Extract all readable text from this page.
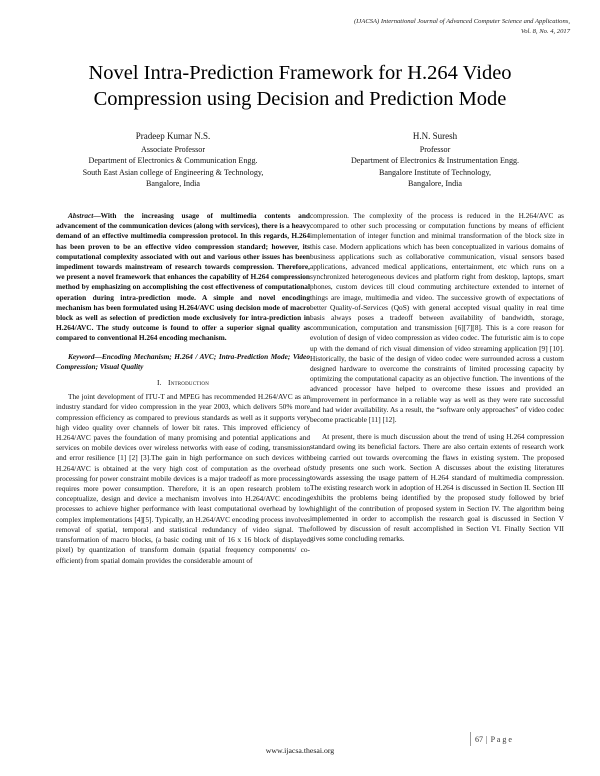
(IJACSA) International Journal of Advanced Computer Science and Applications,
Vol. 8, No. 4, 2017
Novel Intra-Prediction Framework for H.264 Video
Compression using Decision and Prediction Mode
Pradeep Kumar N.S.
Associate Professor
Department of Electronics & Communication Engg.
South East Asian college of Engineering & Technology,
Bangalore, India
H.N. Suresh
Professor
Department of Electronics & Instrumentation Engg.
Bangalore Institute of Technology,
Bangalore, India

Abstract—With the increasing usage of multimedia contents and advancement of the communication devices (along with services), there is a heavy demand of an effective multimedia compression protocol. In this regards, H.264 has been proven to be an effective video compression standard; however, its computational complexity associated with out and various other issues has been impediment towards mainstream of research towards compression. Therefore, we present a novel framework that enhances the capability of H.264 compression method by emphasizing on accomplishing the cost effectiveness of computational operation during intra-prediction mode. A simple and novel encoding mechanism has been formulated using H.264/AVC using decision mode of macro block as well as selection of prediction mode exclusively for intra-prediction in H.264/AVC. The study outcome is found to offer a superior signal quality as compared to conventional H.264 encoding mechanism.

Keyword—Encoding Mechanism; H.264 / AVC; Intra-Prediction Mode; Video Compression; Visual Quality

I. Introduction

The joint development of ITU-T and MPEG has recommended H.264/AVC as an industry standard for video compression in the year 2003, which delivers 50% more compression efficiency as compared to previous standards as well as it supports very high video quality over channels of lower bit rates. This improved efficiency of H.264/AVC paves the foundation of many promising and potential applications and services on mobile devices over wireless networks with ease of coding, transmission and error resilience [1] [2] [3].The gain in high performance on such devices with H.264/AVC is obtained at the very high cost of computation as the overhead of processing for power constraint mobile devices is a major tradeoff as more processing requires more power consumption. Therefore, it is an open research problem to conceptualize, design and device a mechanism involves into H.264/AVC encoding processes to achieve higher performance with least computational overhead by low complex implementations [4][5]. Typically, an H.264/AVC encoding process involves removal of spatial, temporal and statistical redundancy of video signal. The transformation of macro blocks, (a basic coding unit of 16 x 16 block of displayed pixel) by quantization of transform domain (spatial frequency components/ co-efficient) from spatial domain provides the considerable amount of

compression. The complexity of the process is reduced in the H.264/AVC as compared to other such processing or computation functions by means of efficient implementation of integer function and minimal transformation of the block size in this case. Modern applications which has been conceptualized in various domains of business applications such as collaborative communication, visual sensors based applications, advanced medical applications, entertainment, etc which runs on a synchronized heterogeneous devices and platform right from desktop, laptops, smart phones, custom devices till cloud commuting architecture extended to internet of things are image, multimedia and video. The successive growth of expectations of better Quality-of-Services (QoS) with general accepted visual quality in real time basis always poses a tradeoff between availability of bandwidth, storage, communication, computation and transmission [6][7][8]. This is a core reason for evolution of design of video compression as video codec. The futuristic aim is to cope up with the demand of rich visual dimension of video streaming application [9] [10]. Historically, the basic of the design of video codec were surrounded across a custom designed hardware to overcome the constraints of limited processing capacity by optimizing the computational capacity as an objective function. The inventions of the advanced processor have helped to overcome these issues and provided an improvement in performance in a reliable way as well as they were rate successful and had wider availability. As a result, the “software only approaches” of video codec become practicable [11] [12].

At present, there is much discussion about the trend of using H.264 compression standard owing its beneficial factors. There are also certain extents of research work being carried out towards overcoming the flaws in existing system. The proposed study presents one such work. Section A discusses about the existing literatures towards assessing the usage pattern of H.264 standard of multimedia compression. The existing research work in adoption of H.264 is discussed in Section II. Section III exhibits the problems being identified by the proposed study followed by brief highlight of the contribution of proposed system in Section IV. The algorithm being implemented in order to accomplish the research goal is discussed in Section V followed by discussion of result accomplished in Section VI. Finally Section VII gives some concluding remarks.

67 | P a g e
www.ijacsa.thesai.org
